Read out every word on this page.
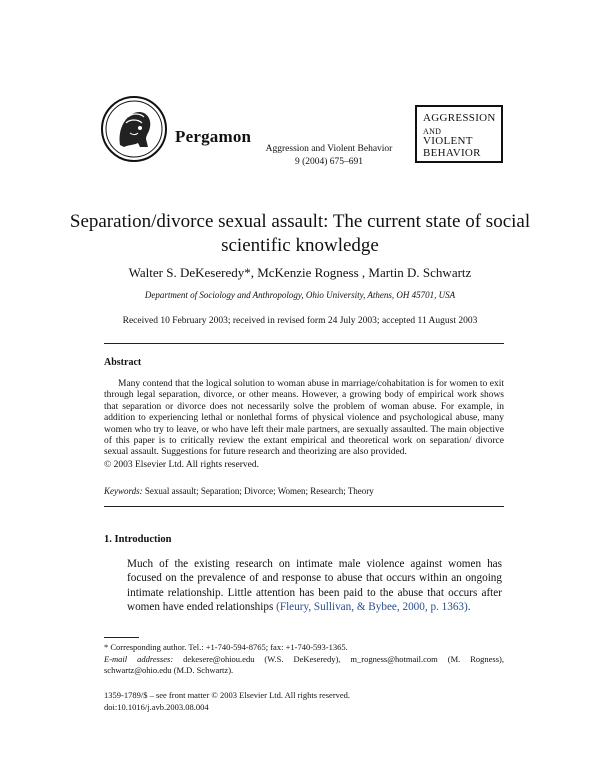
Pergamon
Aggression and Violent Behavior
9 (2004) 675–691
AGGRESSION
AND
VIOLENT
BEHAVIOR
Separation/divorce sexual assault: The current state of social scientific knowledge
Walter S. DeKeseredy*, McKenzie Rogness , Martin D. Schwartz
Department of Sociology and Anthropology, Ohio University, Athens, OH 45701, USA
Received 10 February 2003; received in revised form 24 July 2003; accepted 11 August 2003
Abstract

Many contend that the logical solution to woman abuse in marriage/cohabitation is for women to exit through legal separation, divorce, or other means. However, a growing body of empirical work shows that separation or divorce does not necessarily solve the problem of woman abuse. For example, in addition to experiencing lethal or nonlethal forms of physical violence and psychological abuse, many women who try to leave, or who have left their male partners, are sexually assaulted. The main objective of this paper is to critically review the extant empirical and theoretical work on separation/ divorce sexual assault. Suggestions for future research and theorizing are also provided.

© 2003 Elsevier Ltd. All rights reserved.
Keywords: Sexual assault; Separation; Divorce; Women; Research; Theory
1. Introduction

Much of the existing research on intimate male violence against women has focused on the prevalence of and response to abuse that occurs within an ongoing intimate relationship. Little attention has been paid to the abuse that occurs after women have ended relationships (Fleury, Sullivan, & Bybee, 2000, p. 1363).

* Corresponding author. Tel.: +1-740-594-8765; fax: +1-740-593-1365.
E-mail addresses: dekesere@ohiou.edu (W.S. DeKeseredy), m_rogness@hotmail.com (M. Rogness), schwartz@ohio.edu (M.D. Schwartz).
1359-1789/$ – see front matter © 2003 Elsevier Ltd. All rights reserved.
doi:10.1016/j.avb.2003.08.004
